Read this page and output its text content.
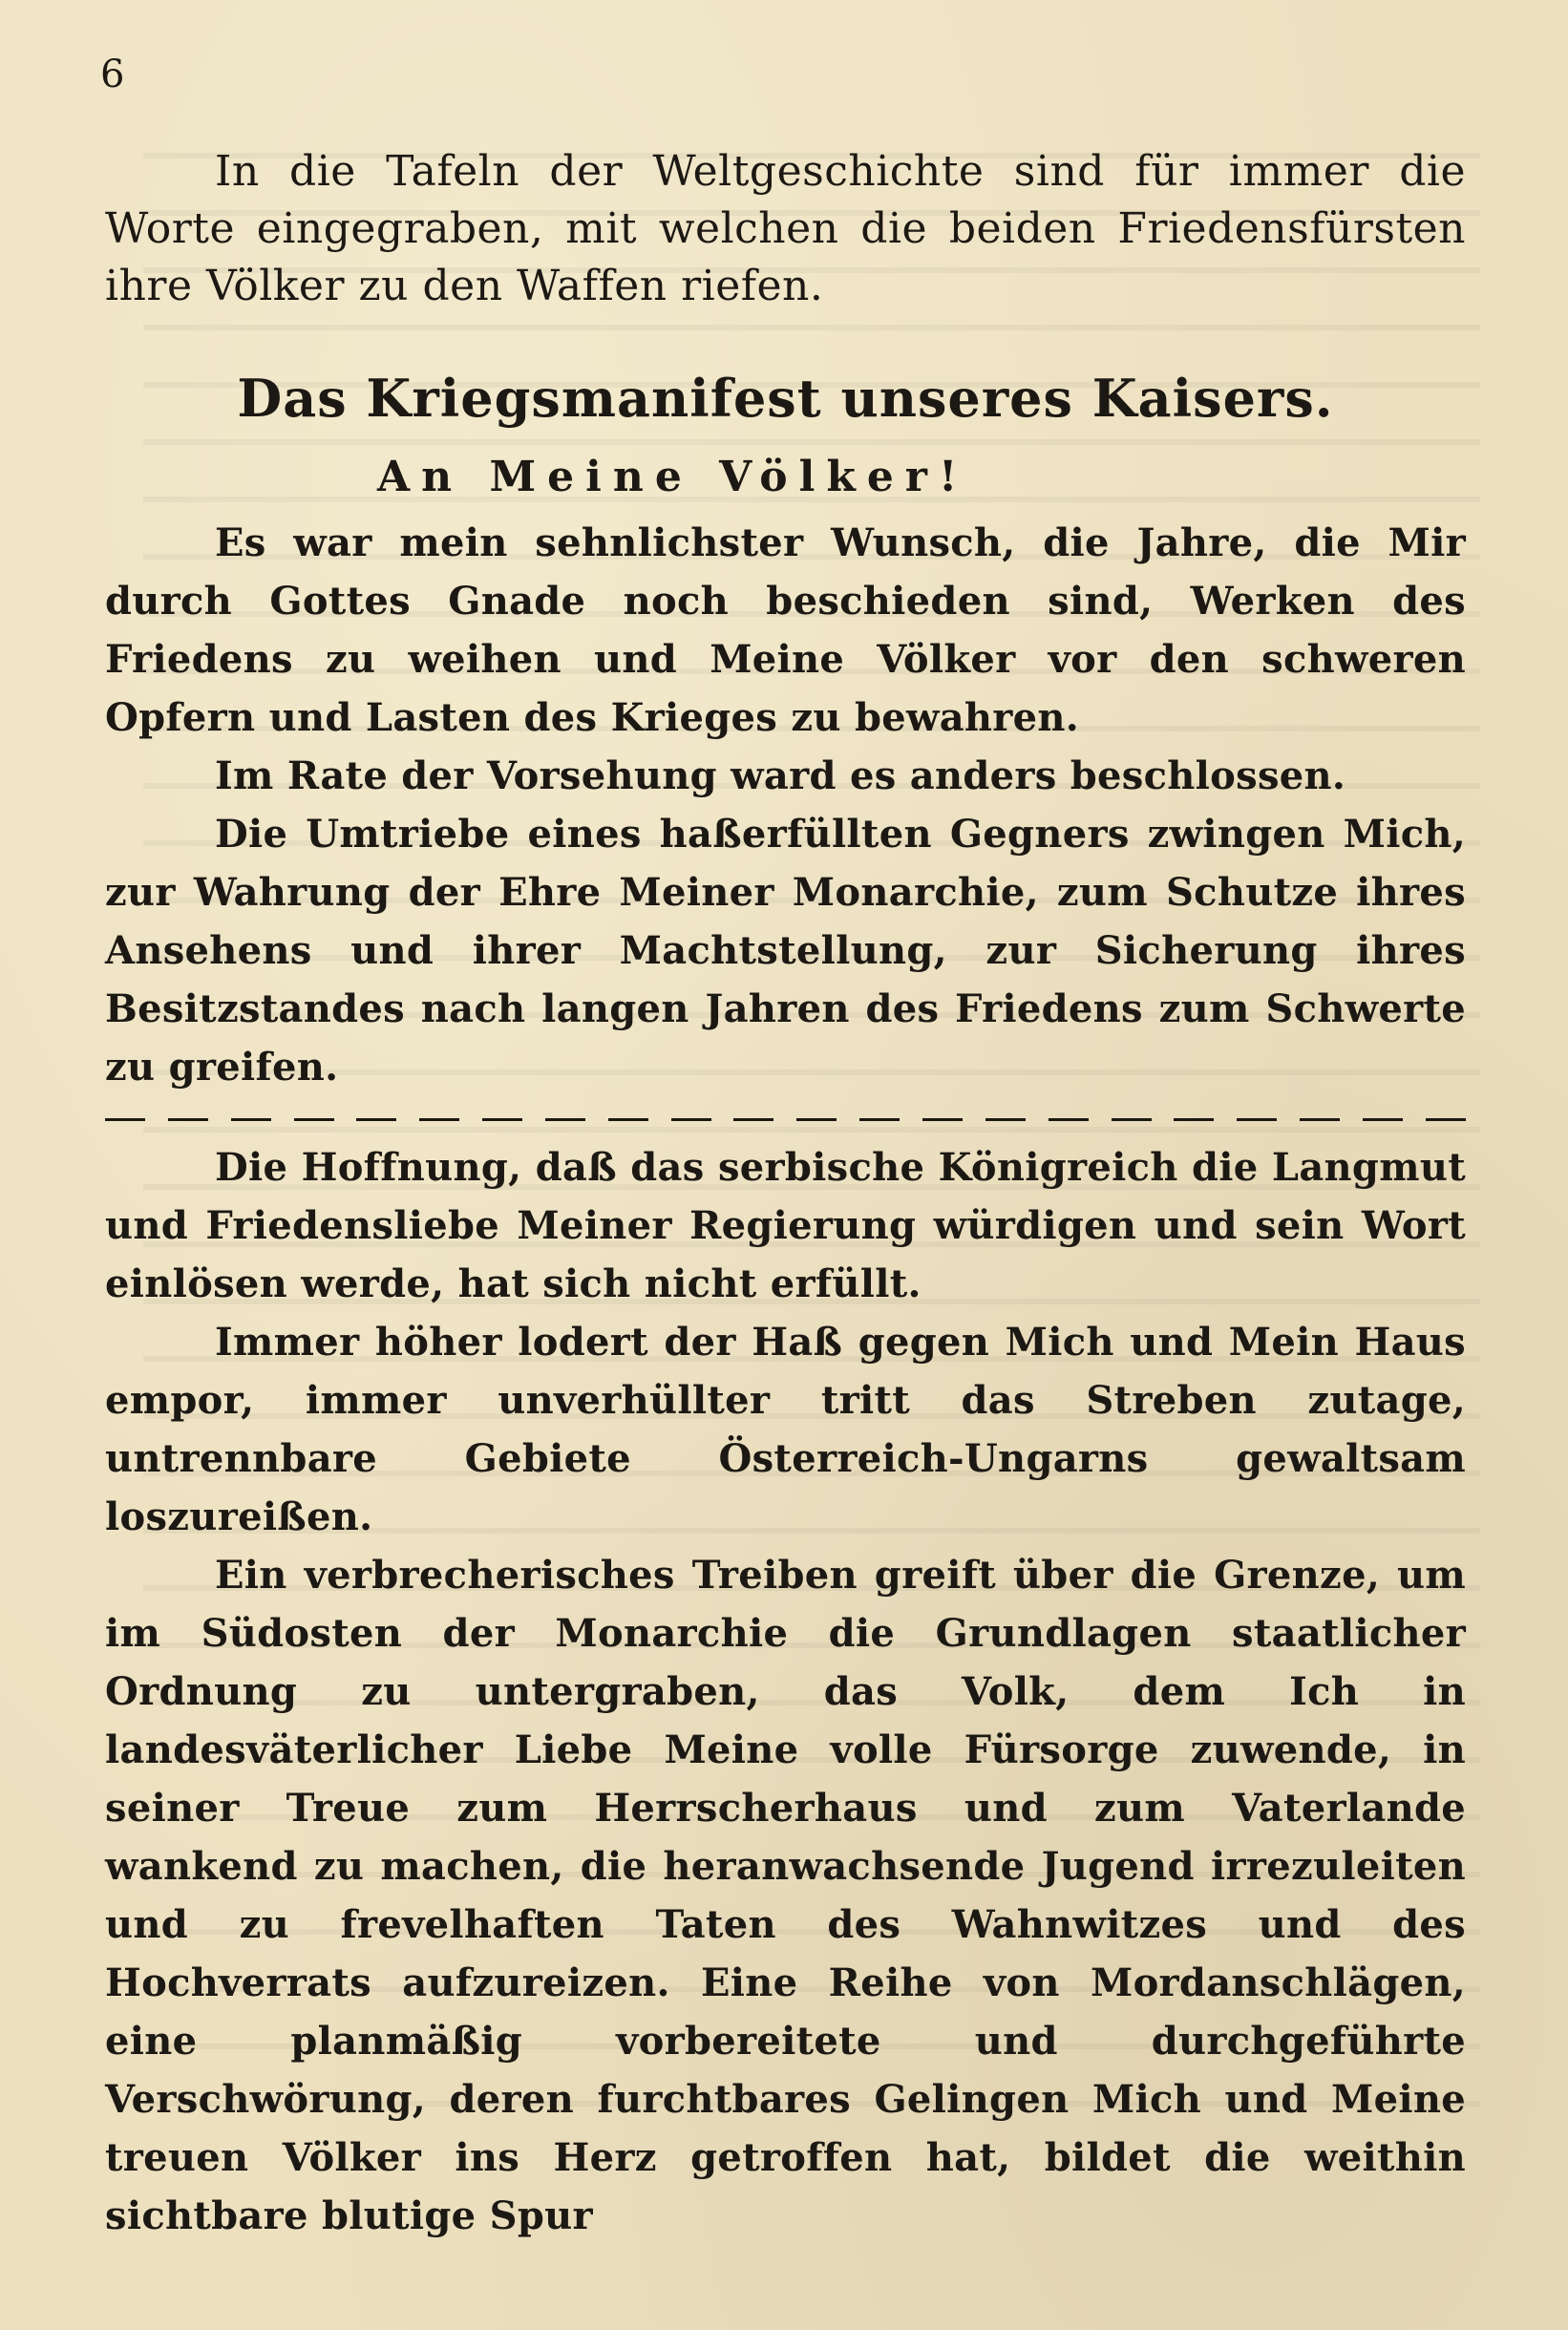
6

In die Tafeln der Weltgeschichte sind für immer die Worte eingegraben, mit welchen die beiden Friedensfürsten ihre Völker zu den Waffen riefen.

Das Kriegsmanifest unseres Kaisers.
An Meine Völker!

Es war mein sehnlichster Wunsch, die Jahre, die Mir durch Gottes Gnade noch beschieden sind, Werken des Friedens zu weihen und Meine Völker vor den schweren Opfern und Lasten des Krieges zu bewahren.

Im Rate der Vorsehung ward es anders beschlossen.

Die Umtriebe eines haßerfüllten Gegners zwingen Mich, zur Wahrung der Ehre Meiner Monarchie, zum Schutze ihres Ansehens und ihrer Machtstellung, zur Sicherung ihres Besitzstandes nach langen Jahren des Friedens zum Schwerte zu greifen.

Die Hoffnung, daß das serbische Königreich die Langmut und Friedensliebe Meiner Regierung würdigen und sein Wort einlösen werde, hat sich nicht erfüllt.

Immer höher lodert der Haß gegen Mich und Mein Haus empor, immer unverhüllter tritt das Streben zutage, untrennbare Gebiete Österreich-Ungarns gewaltsam loszureißen.

Ein verbrecherisches Treiben greift über die Grenze, um im Südosten der Monarchie die Grundlagen staatlicher Ordnung zu untergraben, das Volk, dem Ich in landesväterlicher Liebe Meine volle Fürsorge zuwende, in seiner Treue zum Herrscherhaus und zum Vaterlande wankend zu machen, die heranwachsende Jugend irrezuleiten und zu frevelhaften Taten des Wahnwitzes und des Hochverrats aufzureizen. Eine Reihe von Mordanschlägen, eine planmäßig vorbereitete und durchgeführte Verschwörung, deren furchtbares Gelingen Mich und Meine treuen Völker ins Herz getroffen hat, bildet die weithin sichtbare blutige Spur
